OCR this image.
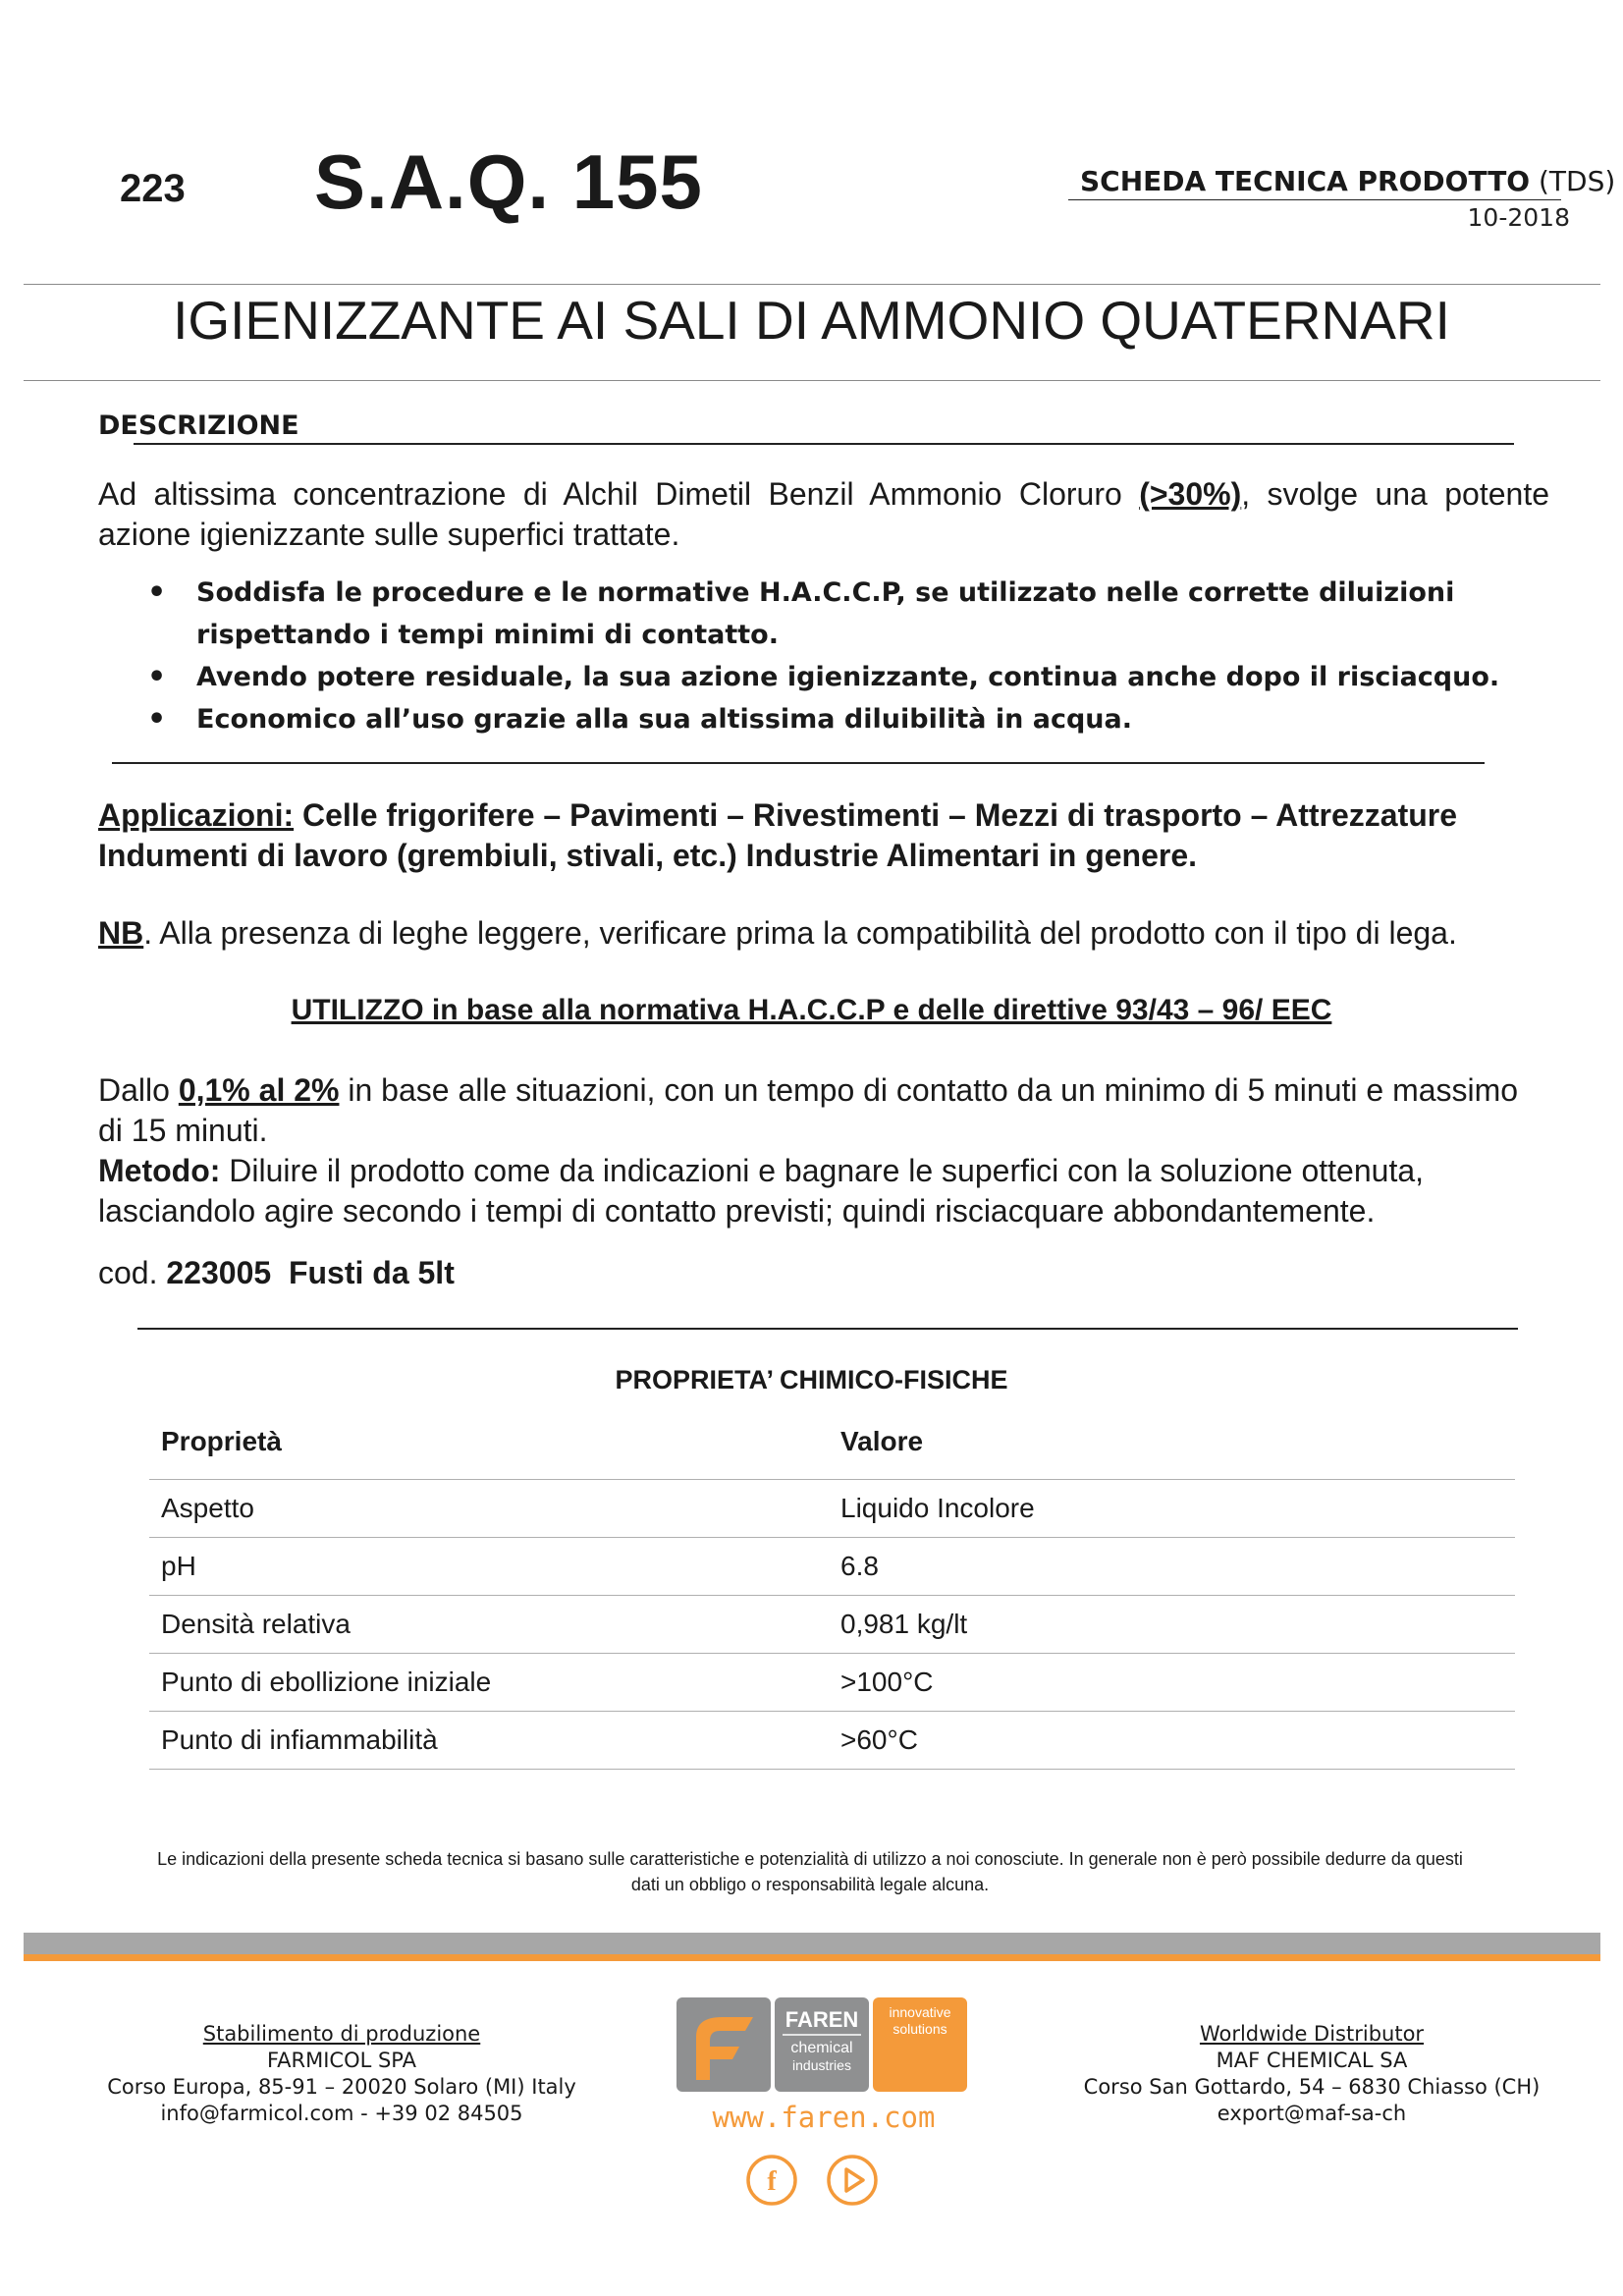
223 S.A.Q. 155	SCHEDA TECNICA PRODOTTO (TDS)
10-2018
IGIENIZZANTE AI SALI DI AMMONIO QUATERNARI
DESCRIZIONE
Ad altissima concentrazione di Alchil Dimetil Benzil Ammonio Cloruro (>30%), svolge una potente azione igienizzante sulle superfici trattate.
• Soddisfa le procedure e le normative H.A.C.C.P, se utilizzato nelle corrette diluizioni rispettando i tempi minimi di contatto.
• Avendo potere residuale, la sua azione igienizzante, continua anche dopo il risciacquo.
• Economico all’uso grazie alla sua altissima diluibilità in acqua.
Applicazioni: Celle frigorifere – Pavimenti – Rivestimenti – Mezzi di trasporto – Attrezzature Indumenti di lavoro (grembiuli, stivali, etc.) Industrie Alimentari in genere.
NB. Alla presenza di leghe leggere, verificare prima la compatibilità del prodotto con il tipo di lega.
UTILIZZO in base alla normativa H.A.C.C.P e delle direttive 93/43 – 96/ EEC
Dallo 0,1% al 2% in base alle situazioni, con un tempo di contatto da un minimo di 5 minuti e massimo di 15 minuti.
Metodo: Diluire il prodotto come da indicazioni e bagnare le superfici con la soluzione ottenuta, lasciandolo agire secondo i tempi di contatto previsti; quindi risciacquare abbondantemente.
cod. 223005 Fusti da 5lt
PROPRIETA’ CHIMICO-FISICHE
Proprietà	Valore
Aspetto	Liquido Incolore
pH	6.8
Densità relativa	0,981 kg/lt
Punto di ebollizione iniziale	>100°C
Punto di infiammabilità	>60°C
Le indicazioni della presente scheda tecnica si basano sulle caratteristiche e potenzialità di utilizzo a noi conosciute. In generale non è però possibile dedurre da questi dati un obbligo o responsabilità legale alcuna.
Stabilimento di produzione
FARMICOL SPA
Corso Europa, 85-91 – 20020 Solaro (MI) Italy
info@farmicol.com - +39 02 84505
Worldwide Distributor
MAF CHEMICAL SA
Corso San Gottardo, 54 – 6830 Chiasso (CH)
export@maf-sa-ch
FAREN
chemical
industries
innovative
solutions
www.faren.com
f
